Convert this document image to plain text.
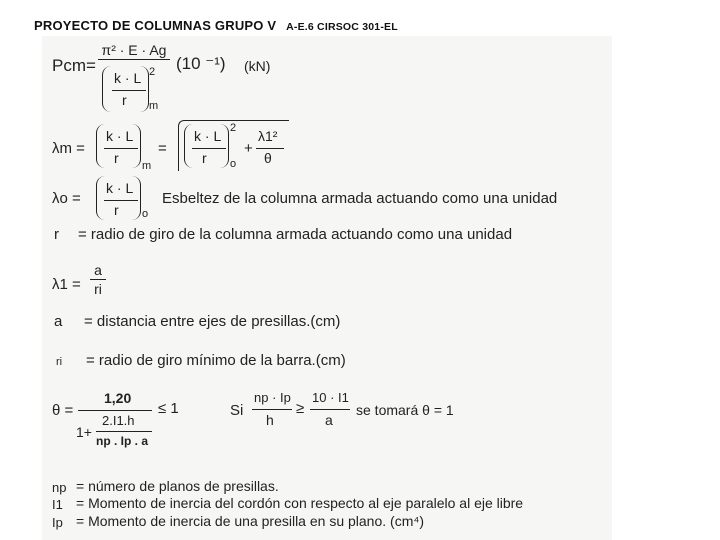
PROYECTO DE COLUMNAS GRUPO V A-E.6 CIRSOC 301-EL
Pcm=
π² · E · Ag
k · L
r
2
m
(10 ⁻¹) (kN)
λm =
k · L
r m
=
k · L
r
2
o
+
λ1²
θ
λo =
k · L
r o
Esbeltez de la columna armada actuando como una unidad
r = radio de giro de la columna armada actuando como una unidad
λ1 =
a
ri
a = distancia entre ejes de presillas.(cm)
ri = radio de giro mínimo de la barra.(cm)
θ =
1,20
≤ 1
2.I1.h
1+
np . Ip . a
Si
np · Ip
h
≥
10 · I1
a
se tomará θ = 1
np = número de planos de presillas.
I1 = Momento de inercia del cordón con respecto al eje paralelo al eje libre
Ip = Momento de inercia de una presilla en su plano. (cm⁴)
